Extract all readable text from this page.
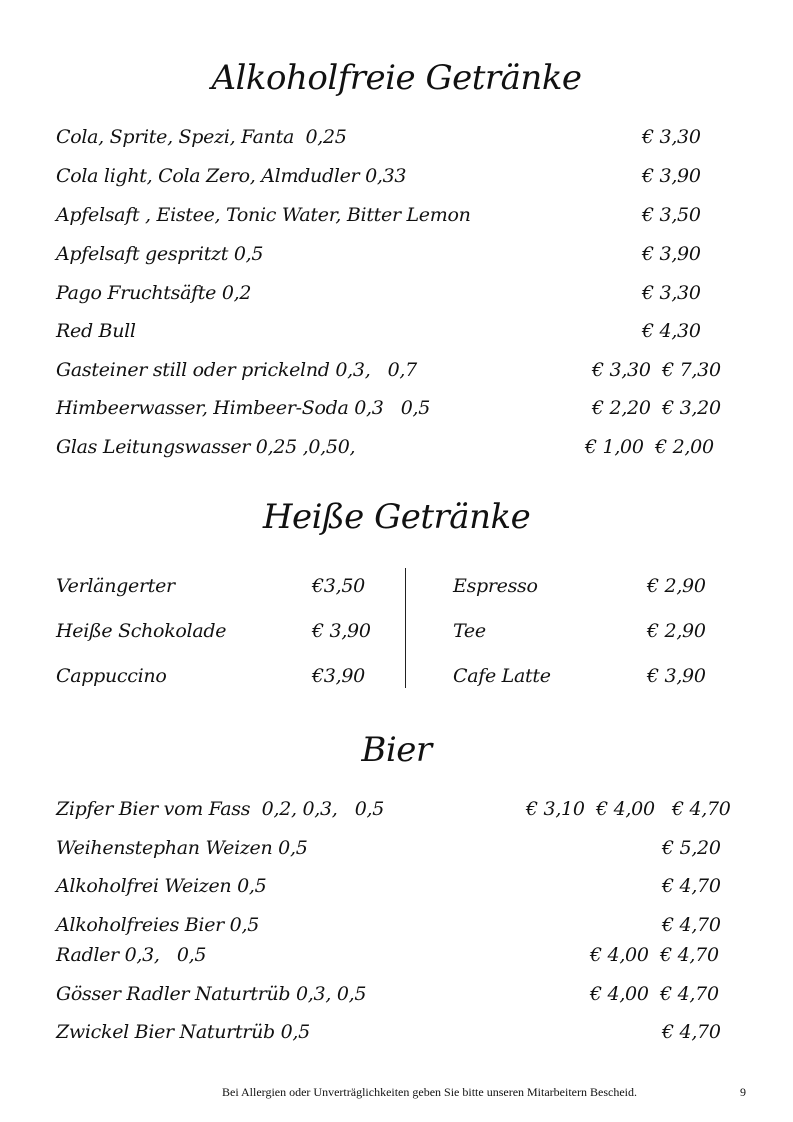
Alkoholfreie Getränke
Cola, Sprite, Spezi, Fanta  0,25	€ 3,30
Cola light, Cola Zero, Almdudler 0,33	€ 3,90
Apfelsaft , Eistee, Tonic Water, Bitter Lemon	€ 3,50
Apfelsaft gespritzt 0,5	€ 3,90
Pago Fruchtsäfte 0,2	€ 3,30
Red Bull	€ 4,30
Gasteiner still oder prickelnd 0,3,   0,7	€ 3,30  € 7,30
Himbeerwasser, Himbeer-Soda 0,3   0,5	€ 2,20  € 3,20
Glas Leitungswasser 0,25 ,0,50,	€ 1,00  € 2,00
Heiße Getränke
Verlängerter	€3,50
Heiße Schokolade	€ 3,90
Cappuccino	€3,90
Espresso	€ 2,90
Tee	€ 2,90
Cafe Latte	€ 3,90
Bier
Zipfer Bier vom Fass  0,2, 0,3,   0,5	€ 3,10  € 4,00   € 4,70
Weihenstephan Weizen 0,5	€ 5,20
Alkoholfrei Weizen 0,5	€ 4,70
Alkoholfreies Bier 0,5	€ 4,70
Radler 0,3,   0,5	€ 4,00  € 4,70
Gösser Radler Naturtrüb 0,3, 0,5	€ 4,00  € 4,70
Zwickel Bier Naturtrüb 0,5	€ 4,70
Bei Allergien oder Unverträglichkeiten geben Sie bitte unseren Mitarbeitern Bescheid.	9
